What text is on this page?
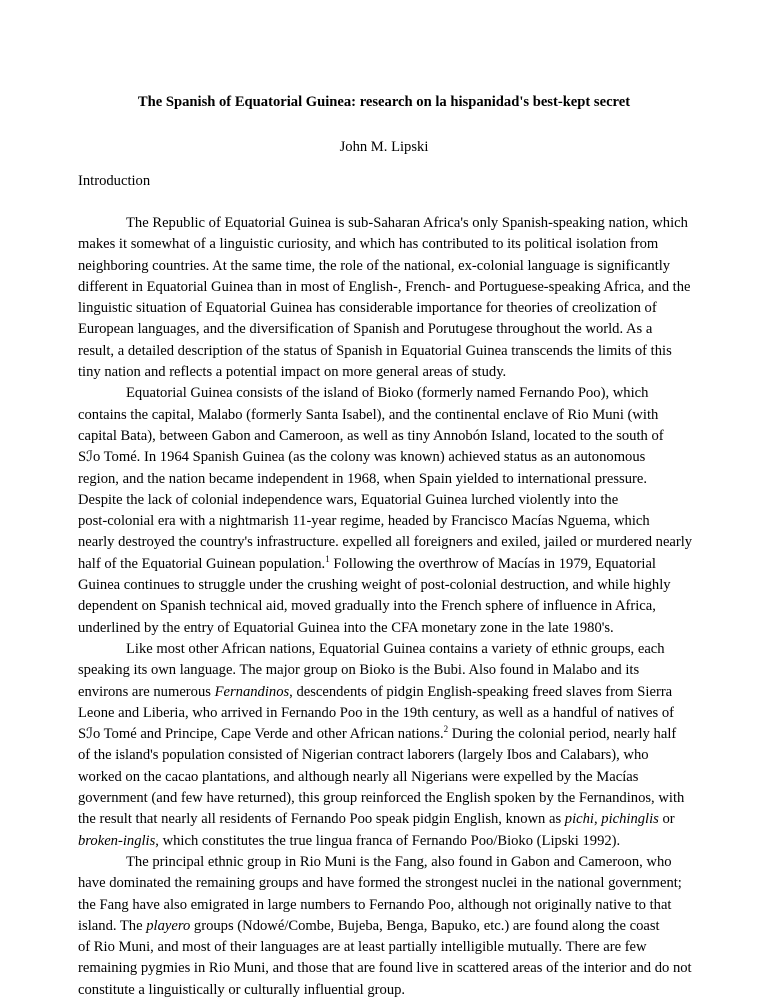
The Spanish of Equatorial Guinea: research on la hispanidad's best-kept secret
John M. Lipski
Introduction
The Republic of Equatorial Guinea is sub-Saharan Africa's only Spanish-speaking nation, which
makes it somewhat of a linguistic curiosity, and which has contributed to its political isolation from
neighboring countries. At the same time, the role of the national, ex-colonial language is significantly
different in Equatorial Guinea than in most of English-, French- and Portuguese-speaking Africa, and the
linguistic situation of Equatorial Guinea has considerable importance for theories of creolization of
European languages, and the diversification of Spanish and Porutugese throughout the world. As a
result, a detailed description of the status of Spanish in Equatorial Guinea transcends the limits of this
tiny nation and reflects a potential impact on more general areas of study.
Equatorial Guinea consists of the island of Bioko (formerly named Fernando Poo), which
contains the capital, Malabo (formerly Santa Isabel), and the continental enclave of Rio Muni (with
capital Bata), between Gabon and Cameroon, as well as tiny Annobón Island, located to the south of
Sℐo Tomé. In 1964 Spanish Guinea (as the colony was known) achieved status as an autonomous
region, and the nation became independent in 1968, when Spain yielded to international pressure.
Despite the lack of colonial independence wars, Equatorial Guinea lurched violently into the
post-colonial era with a nightmarish 11-year regime, headed by Francisco Macías Nguema, which
nearly destroyed the country's infrastructure. expelled all foreigners and exiled, jailed or murdered nearly
half of the Equatorial Guinean population.$^1$ Following the overthrow of Macías in 1979, Equatorial
Guinea continues to struggle under the crushing weight of post-colonial destruction, and while highly
dependent on Spanish technical aid, moved gradually into the French sphere of influence in Africa,
underlined by the entry of Equatorial Guinea into the CFA monetary zone in the late 1980's.
Like most other African nations, Equatorial Guinea contains a variety of ethnic groups, each
speaking its own language. The major group on Bioko is the Bubi. Also found in Malabo and its
environs are numerous Fernandinos, descendents of pidgin English-speaking freed slaves from Sierra
Leone and Liberia, who arrived in Fernando Poo in the 19th century, as well as a handful of natives of
Sℐo Tomé and Principe, Cape Verde and other African nations.$^2$ During the colonial period, nearly half
of the island's population consisted of Nigerian contract laborers (largely Ibos and Calabars), who
worked on the cacao plantations, and although nearly all Nigerians were expelled by the Macías
government (and few have returned), this group reinforced the English spoken by the Fernandinos, with
the result that nearly all residents of Fernando Poo speak pidgin English, known as pichi, pichinglis or
broken-inglis, which constitutes the true lingua franca of Fernando Poo/Bioko (Lipski 1992).
The principal ethnic group in Rio Muni is the Fang, also found in Gabon and Cameroon, who
have dominated the remaining groups and have formed the strongest nuclei in the national government;
the Fang have also emigrated in large numbers to Fernando Poo, although not originally native to that
island. The playero groups (Ndowé/Combe, Bujeba, Benga, Bapuko, etc.) are found along the coast
of Rio Muni, and most of their languages are at least partially intelligible mutually. There are few
remaining pygmies in Rio Muni, and those that are found live in scattered areas of the interior and do not
constitute a linguistically or culturally influential group.
